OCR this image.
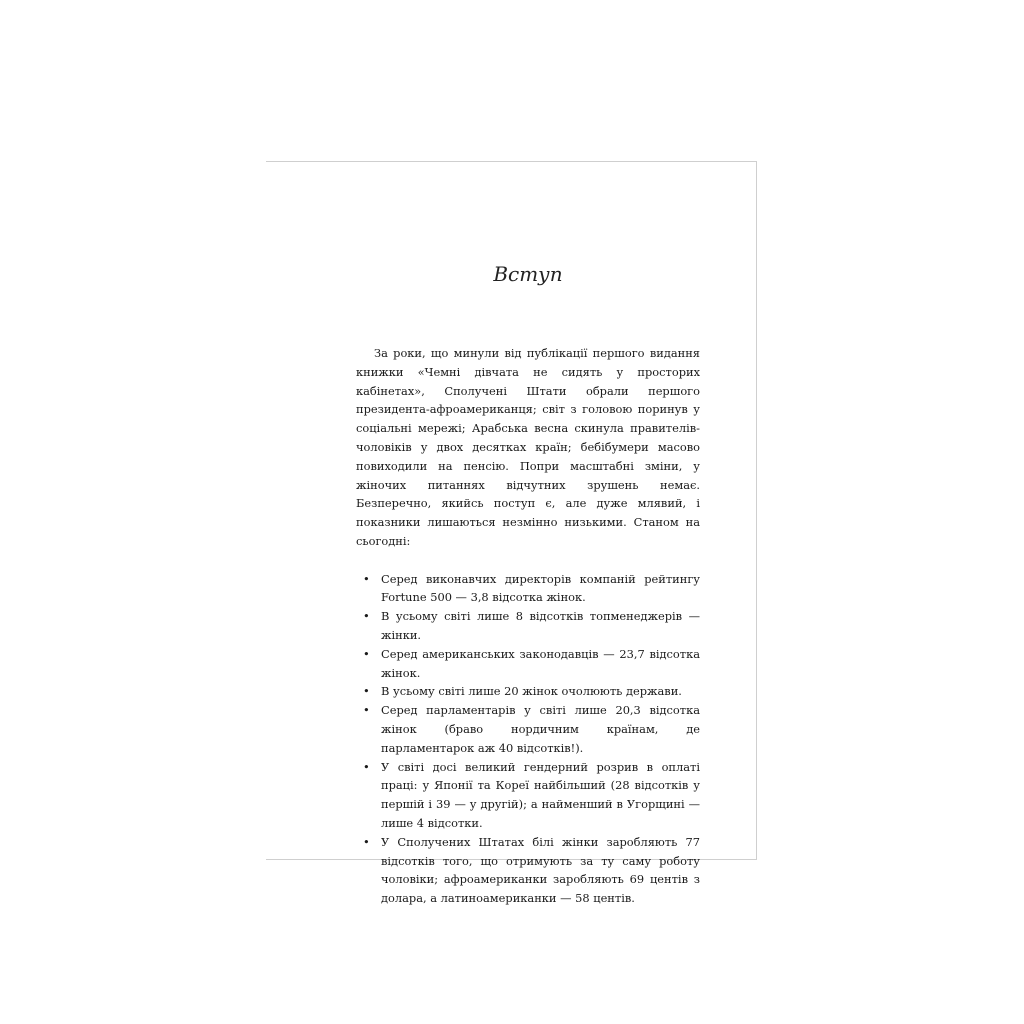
Вступ

За роки, що минули від публікації першого видання книжки «Чемні дівчата не сидять у просторих кабінетах», Сполучені Штати обрали першого президента-афроамериканця; світ з головою поринув у соціальні мережі; Арабська весна скинула правителів-чоловіків у двох десятках країн; бебібумери масово повиходили на пенсію. Попри масштабні зміни, у жіночих питаннях відчутних зрушень немає. Безперечно, якийсь поступ є, але дуже млявий, і показники лишаються незмінно низькими. Станом на сьогодні:

• Серед виконавчих директорів компаній рейтингу Fortune 500 — 3,8 відсотка жінок.
• В усьому світі лише 8 відсотків топменеджерів — жінки.
• Серед американських законодавців — 23,7 відсотка жінок.
• В усьому світі лише 20 жінок очолюють держави.
• Серед парламентарів у світі лише 20,3 відсотка жінок (браво нордичним країнам, де парламентарок аж 40 відсотків!).
• У світі досі великий гендерний розрив в оплаті праці: у Японії та Кореї найбільший (28 відсотків у першій і 39 — у другій); а найменший в Угорщині — лише 4 відсотки.
• У Сполучених Штатах білі жінки заробляють 77 відсотків того, що отримують за ту саму роботу чоловіки; афроамериканки заробляють 69 центів з долара, а латиноамериканки — 58 центів.
